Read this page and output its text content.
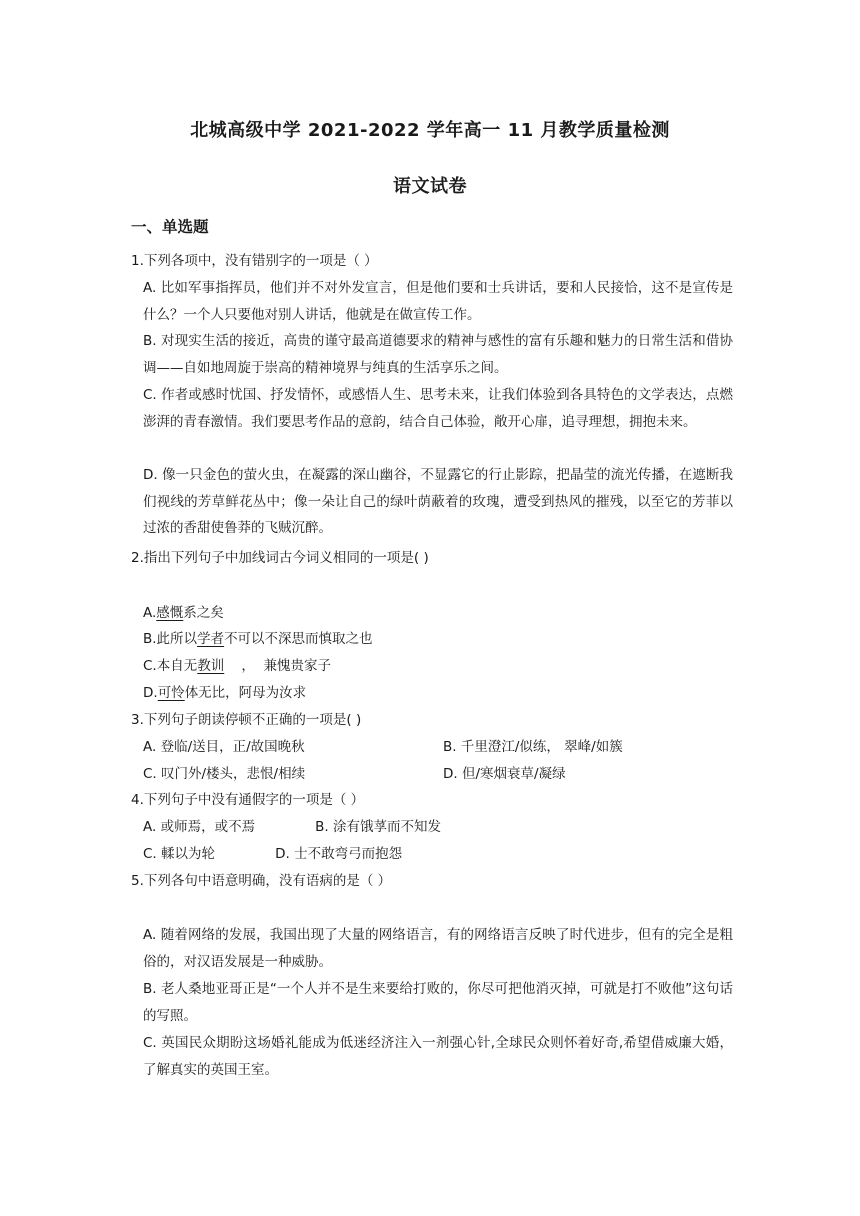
北城高级中学 2021-2022 学年高一 11 月教学质量检测
语文试卷
一、单选题
1.下列各项中，没有错别字的一项是（ ）
A. 比如军事指挥员，他们并不对外发宣言，但是他们要和士兵讲话，要和人民接恰，这不是宣传是什么？一个人只要他对别人讲话，他就是在做宣传工作。
B. 对现实生活的接近，高贵的谨守最高道德要求的精神与感性的富有乐趣和魅力的日常生活和借协调——自如地周旋于崇高的精神境界与纯真的生活享乐之间。
C. 作者或感时忧国、抒发情怀，或感悟人生、思考未来，让我们体验到各具特色的文学表达，点燃澎湃的青春激情。我们要思考作品的意韵，结合自己体验，敞开心扉，追寻理想，拥抱未来。
D. 像一只金色的萤火虫，在凝露的深山幽谷，不显露它的行止影踪，把晶莹的流光传播，在遮断我们视线的芳草鲜花丛中；像一朵让自己的绿叶荫蔽着的玫瑰，遭受到热风的摧残，以至它的芳菲以过浓的香甜使鲁莽的飞贼沉醉。
2.指出下列句子中加线词古今词义相同的一项是( )
A.感慨系之矣
B.此所以学者不可以不深思而慎取之也
C.本自无教训    ，  兼愧贵家子
D.可怜体无比，阿母为汝求
3.下列句子朗读停顿不正确的一项是( )
A. 登临/送目，正/故国晚秋	B. 千里澄江/似练， 翠峰/如簇
C. 叹门外/楼头，悲恨/相续	D. 但/寒烟衰草/凝绿
4.下列句子中没有通假字的一项是（ ）
A. 或师焉，或不焉              B. 涂有饿莩而不知发
C. 輮以为轮              D. 士不敢弯弓而抱怨
5.下列各句中语意明确，没有语病的是（ ）
A. 随着网络的发展，我国出现了大量的网络语言，有的网络语言反映了时代进步，但有的完全是粗俗的，对汉语发展是一种威胁。
B. 老人桑地亚哥正是“一个人并不是生来要给打败的，你尽可把他消灭掉，可就是打不败他”这句话的写照。
C. 英国民众期盼这场婚礼能成为低迷经济注入一剂强心针,全球民众则怀着好奇,希望借威廉大婚，了解真实的英国王室。
